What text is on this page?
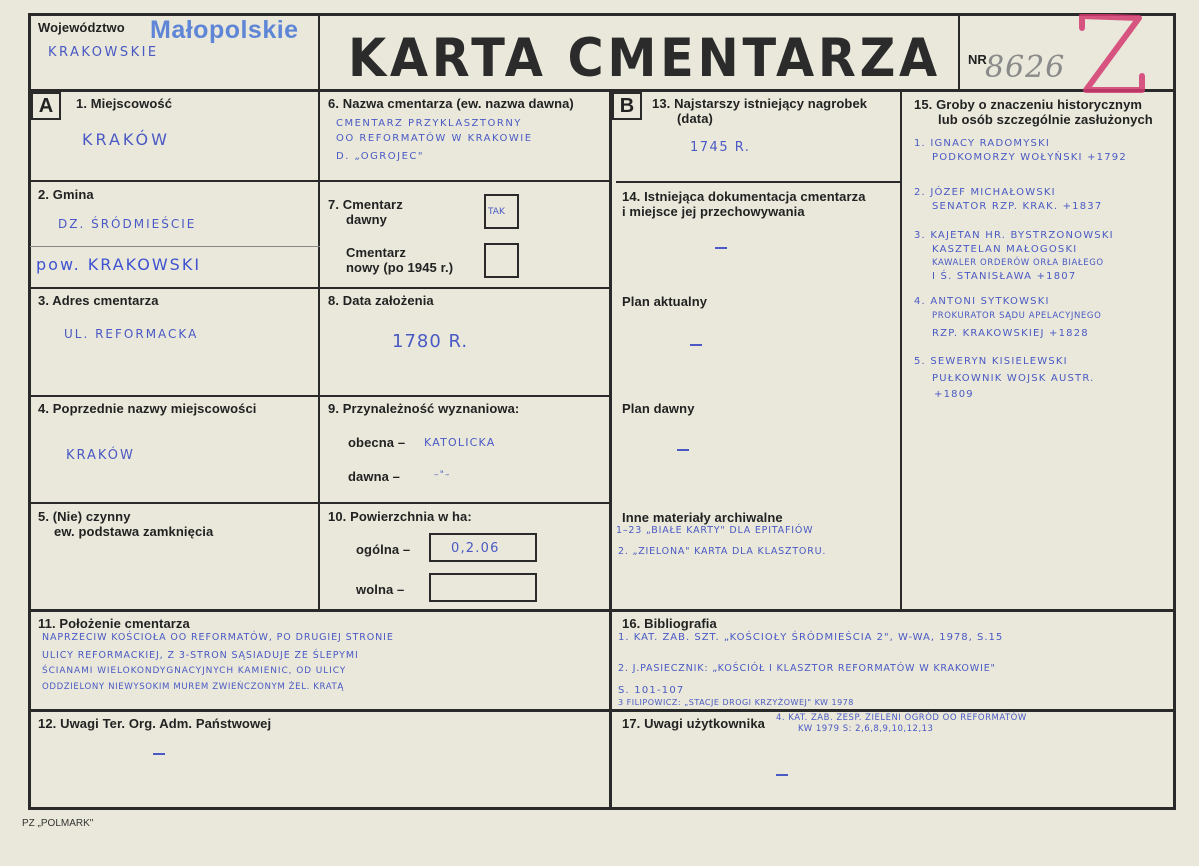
Województwo Małopolskie
KRAKOWSKIE	KARTA CMENTARZA NR
8626
A	B
1. Miejscowość
KRAKÓW
2. Gmina
DZ. ŚRÓDMIEŚCIE
pow. KRAKOWSKI
3. Adres cmentarza
UL. REFORMACKA
4. Poprzednie nazwy miejscowości
KRAKÓW
5. (Nie) czynny
ew. podstawa zamknięcia
6. Nazwa cmentarza (ew. nazwa dawna)
CMENTARZ PRZYKLASZTORNY
OO REFORMATÓW W KRAKOWIE
D. „OGROJEC"
7. Cmentarz
dawny	TAK
Cmentarz
nowy (po 1945 r.)
8. Data założenia
1780 R.
9. Przynależność wyznaniowa:
obecna – KATOLICKA
dawna –	–"–
10. Powierzchnia w ha:
ogólna –	0,2.06
wolna –
13. Najstarszy istniejący nagrobek
(data)
1745 R.
14. Istniejąca dokumentacja cmentarza
i miejsce jej przechowywania
Plan aktualny
Plan dawny
Inne materiały archiwalne
1–23 „BIAŁE KARTY" DLA EPITAFIÓW
2. „ZIELONA" KARTA DLA KLASZTORU.
15. Groby o znaczeniu historycznym
lub osób szczególnie zasłużonych
1. IGNACY RADOMYSKI
PODKOMORZY WOŁYŃSKI +1792
2. JÓZEF MICHAŁOWSKI
SENATOR RZP. KRAK. +1837
3. KAJETAN HR. BYSTRZONOWSKI
KASZTELAN MAŁOGOSKI
KAWALER ORDERÓW ORŁA BIAŁEGO
I Ś. STANISŁAWA +1807
4. ANTONI SYTKOWSKI
PROKURATOR SĄDU APELACYJNEGO
RZP. KRAKOWSKIEJ +1828
5. SEWERYN KISIELEWSKI
PUŁKOWNIK WOJSK AUSTR.
+1809
11. Położenie cmentarza
NAPRZECIW KOŚCIOŁA OO REFORMATÓW, PO DRUGIEJ STRONIE
ULICY REFORMACKIEJ, Z 3-STRON SĄSIADUJE ZE ŚLEPYMI
ŚCIANAMI WIELOKONDYGNACYJNYCH KAMIENIC, OD ULICY
ODDZIELONY NIEWYSOKIM MUREM ZWIEŃCZONYM ŻEL. KRATĄ
12. Uwagi Ter. Org. Adm. Państwowej
16. Bibliografia
1. KAT. ZAB. SZT. „KOŚCIOŁY ŚRÓDMIEŚCIA 2", W-WA, 1978, S.15
2. J.PASIECZNIK: „KOŚCIÓŁ I KLASZTOR REFORMATÓW W KRAKOWIE"
S. 101-107
3 FILIPOWICZ: „STACJE DROGI KRZYŻOWEJ" KW 1978
17. Uwagi użytkownika 4. KAT. ZAB. ZESP. ZIELENI OGRÓD OO REFORMATÓW
KW 1979 S: 2,6,8,9,10,12,13
PZ „POLMARK"
